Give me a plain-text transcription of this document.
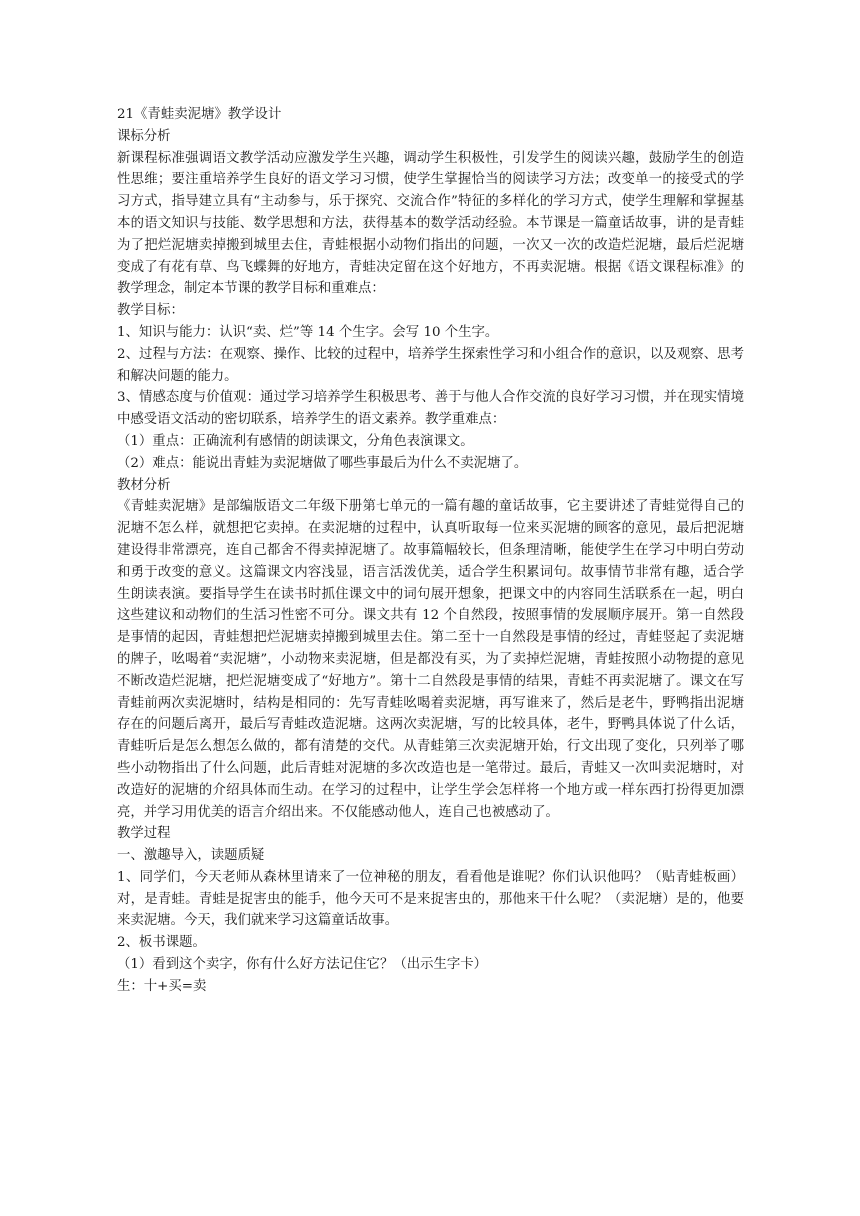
21《青蛙卖泥塘》教学设计

课标分析

新课程标准强调语文教学活动应激发学生兴趣，调动学生积极性，引发学生的阅读兴趣，鼓励学生的创造性思维；要注重培养学生良好的语文学习习惯，使学生掌握恰当的阅读学习方法；改变单一的接受式的学习方式，指导建立具有“主动参与，乐于探究、交流合作”特征的多样化的学习方式，使学生理解和掌握基本的语文知识与技能、数学思想和方法，获得基本的数学活动经验。本节课是一篇童话故事，讲的是青蛙为了把烂泥塘卖掉搬到城里去住，青蛙根据小动物们指出的问题，一次又一次的改造烂泥塘，最后烂泥塘变成了有花有草、鸟飞蝶舞的好地方，青蛙决定留在这个好地方，不再卖泥塘。根据《语文课程标准》的教学理念，制定本节课的教学目标和重难点：

教学目标：

1、知识与能力：认识“卖、烂”等 14 个生字。会写 10 个生字。

2、过程与方法：在观察、操作、比较的过程中，培养学生探索性学习和小组合作的意识，以及观察、思考和解决问题的能力。

3、情感态度与价值观：通过学习培养学生积极思考、善于与他人合作交流的良好学习习惯，并在现实情境中感受语文活动的密切联系，培养学生的语文素养。教学重难点：

（1）重点：正确流利有感情的朗读课文，分角色表演课文。

（2）难点：能说出青蛙为卖泥塘做了哪些事最后为什么不卖泥塘了。

教材分析

《青蛙卖泥塘》是部编版语文二年级下册第七单元的一篇有趣的童话故事，它主要讲述了青蛙觉得自己的泥塘不怎么样，就想把它卖掉。在卖泥塘的过程中，认真听取每一位来买泥塘的顾客的意见，最后把泥塘建设得非常漂亮，连自己都舍不得卖掉泥塘了。故事篇幅较长，但条理清晰，能使学生在学习中明白劳动和勇于改变的意义。这篇课文内容浅显，语言活泼优美，适合学生积累词句。故事情节非常有趣，适合学生朗读表演。要指导学生在读书时抓住课文中的词句展开想象，把课文中的内容同生活联系在一起，明白这些建议和动物们的生活习性密不可分。课文共有 12 个自然段，按照事情的发展顺序展开。第一自然段是事情的起因，青蛙想把烂泥塘卖掉搬到城里去住。第二至十一自然段是事情的经过，青蛙竖起了卖泥塘的牌子，吆喝着“卖泥塘”，小动物来卖泥塘，但是都没有买，为了卖掉烂泥塘，青蛙按照小动物提的意见不断改造烂泥塘，把烂泥塘变成了“好地方”。第十二自然段是事情的结果，青蛙不再卖泥塘了。课文在写青蛙前两次卖泥塘时，结构是相同的：先写青蛙吆喝着卖泥塘，再写谁来了，然后是老牛，野鸭指出泥塘存在的问题后离开，最后写青蛙改造泥塘。这两次卖泥塘，写的比较具体，老牛，野鸭具体说了什么话，青蛙听后是怎么想怎么做的，都有清楚的交代。从青蛙第三次卖泥塘开始，行文出现了变化，只列举了哪些小动物指出了什么问题，此后青蛙对泥塘的多次改造也是一笔带过。最后，青蛙又一次叫卖泥塘时，对改造好的泥塘的介绍具体而生动。在学习的过程中，让学生学会怎样将一个地方或一样东西打扮得更加漂亮，并学习用优美的语言介绍出来。不仅能感动他人，连自己也被感动了。

教学过程

一、激趣导入，读题质疑

1、同学们，今天老师从森林里请来了一位神秘的朋友，看看他是谁呢？你们认识他吗？（贴青蛙板画）对，是青蛙。青蛙是捉害虫的能手，他今天可不是来捉害虫的，那他来干什么呢？（卖泥塘）是的，他要来卖泥塘。今天，我们就来学习这篇童话故事。

2、板书课题。

（1）看到这个卖字，你有什么好方法记住它？（出示生字卡）

生：十+买=卖
